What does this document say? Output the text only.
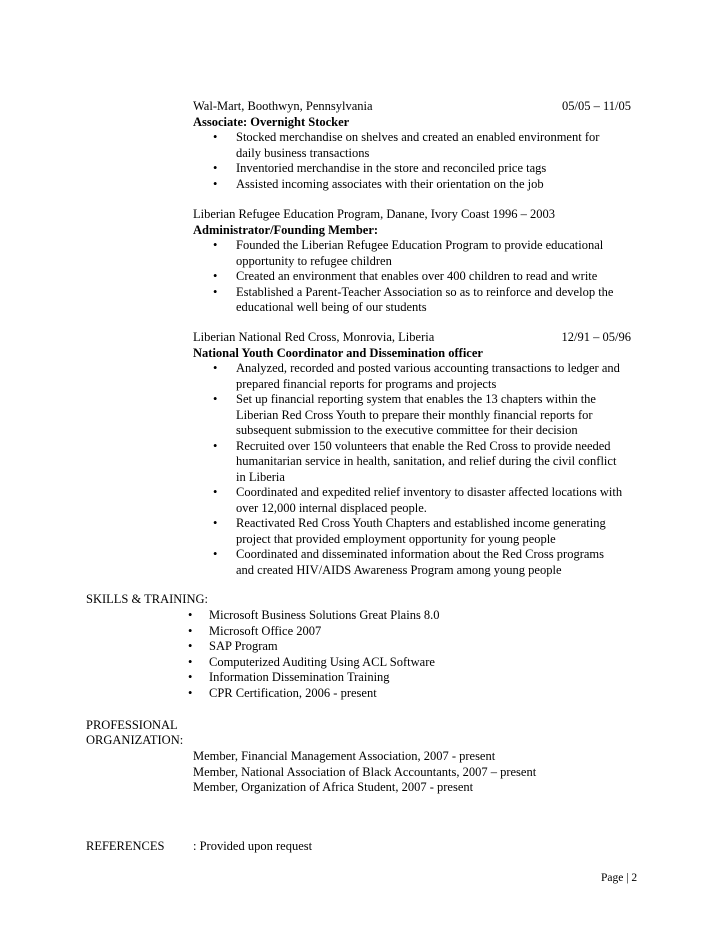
Wal-Mart, Boothwyn, Pennsylvania	05/05 – 11/05
Associate: Overnight Stocker
• Stocked merchandise on shelves and created an enabled environment for
daily business transactions
• Inventoried merchandise in the store and reconciled price tags
• Assisted incoming associates with their orientation on the job
Liberian Refugee Education Program, Danane, Ivory Coast 1996 – 2003
Administrator/Founding Member:
• Founded the Liberian Refugee Education Program to provide educational
opportunity to refugee children
• Created an environment that enables over 400 children to read and write
• Established a Parent-Teacher Association so as to reinforce and develop the
educational well being of our students
Liberian National Red Cross, Monrovia, Liberia	12/91 – 05/96
National Youth Coordinator and Dissemination officer
• Analyzed, recorded and posted various accounting transactions to ledger and
prepared financial reports for programs and projects
• Set up financial reporting system that enables the 13 chapters within the
Liberian Red Cross Youth to prepare their monthly financial reports for
subsequent submission to the executive committee for their decision
• Recruited over 150 volunteers that enable the Red Cross to provide needed
humanitarian service in health, sanitation, and relief during the civil conflict
in Liberia
• Coordinated and expedited relief inventory to disaster affected locations with
over 12,000 internal displaced people.
• Reactivated Red Cross Youth Chapters and established income generating
project that provided employment opportunity for young people
• Coordinated and disseminated information about the Red Cross programs
and created HIV/AIDS Awareness Program among young people
SKILLS & TRAINING:
• Microsoft Business Solutions Great Plains 8.0
• Microsoft Office 2007
• SAP Program
• Computerized Auditing Using ACL Software
• Information Dissemination Training
• CPR Certification, 2006 - present
PROFESSIONAL
ORGANIZATION:
Member, Financial Management Association, 2007 - present
Member, National Association of Black Accountants, 2007 – present
Member, Organization of Africa Student, 2007 - present
REFERENCES : Provided upon request
Page | 2
